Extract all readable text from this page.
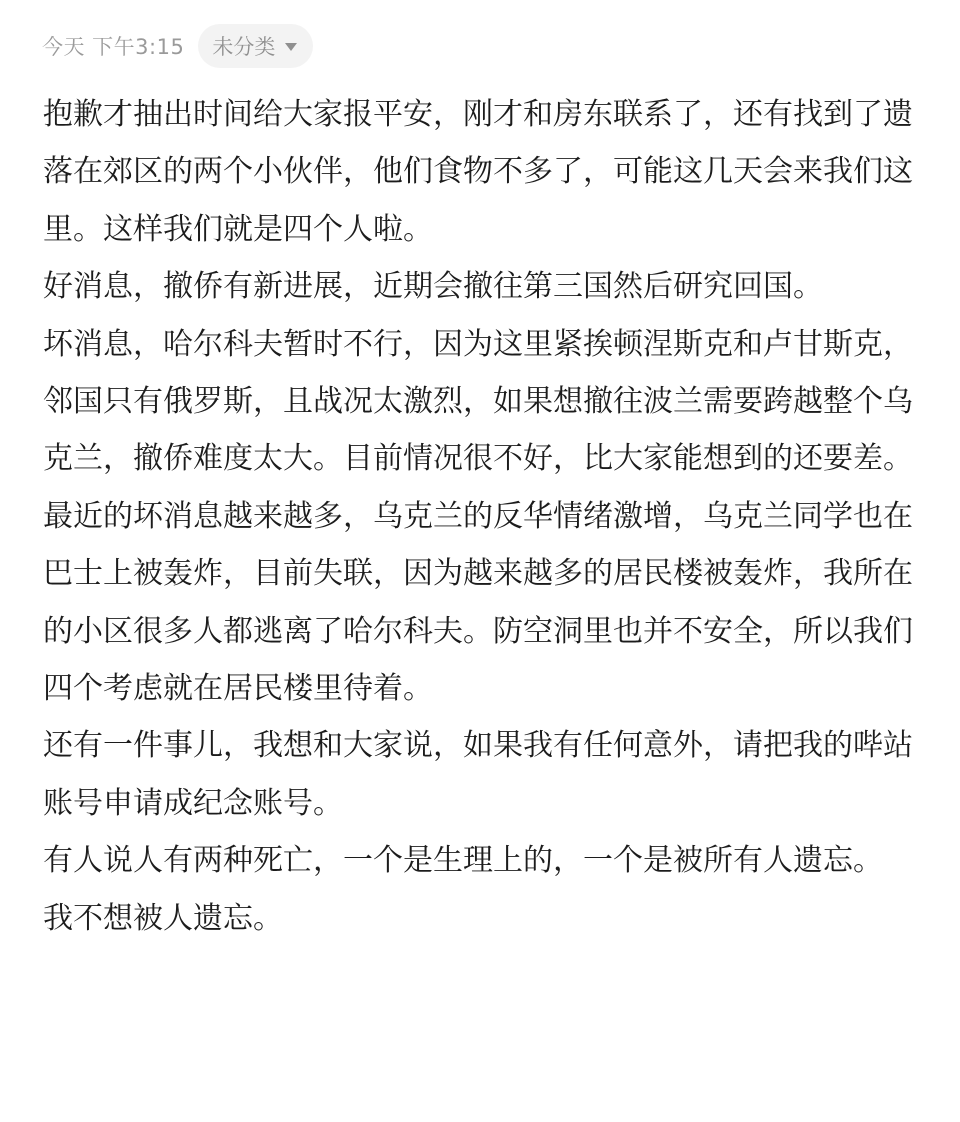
今天 下午3:15 未分类

抱歉才抽出时间给大家报平安，刚才和房东联系了，还有找到了遗落在郊区的两个小伙伴，他们食物不多了，可能这几天会来我们这里。这样我们就是四个人啦。

好消息，撤侨有新进展，近期会撤往第三国然后研究回国。

坏消息，哈尔科夫暂时不行，因为这里紧挨顿涅斯克和卢甘斯克，邻国只有俄罗斯，且战况太激烈，如果想撤往波兰需要跨越整个乌克兰，撤侨难度太大。目前情况很不好，比大家能想到的还要差。

最近的坏消息越来越多，乌克兰的反华情绪激增，乌克兰同学也在巴士上被轰炸，目前失联，因为越来越多的居民楼被轰炸，我所在的小区很多人都逃离了哈尔科夫。防空洞里也并不安全，所以我们四个考虑就在居民楼里待着。

还有一件事儿，我想和大家说，如果我有任何意外，请把我的哔站账号申请成纪念账号。

有人说人有两种死亡，一个是生理上的，一个是被所有人遗忘。

我不想被人遗忘。
